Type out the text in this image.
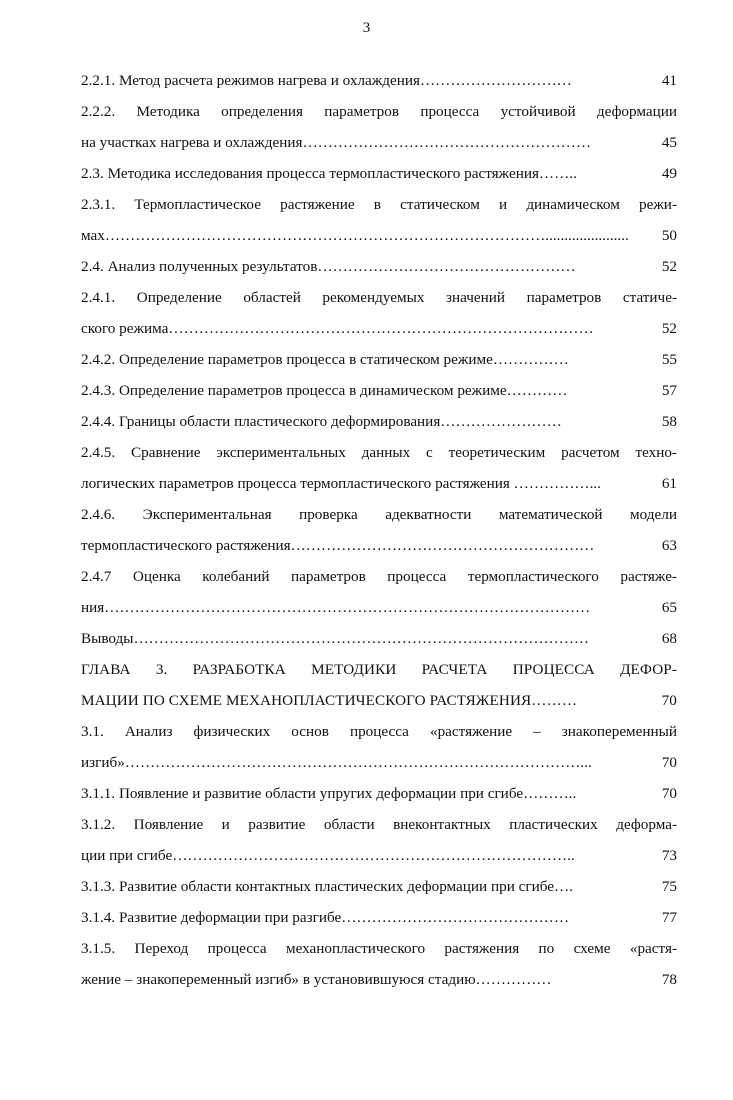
3
2.2.1. Метод расчета режимов нагрева и охлаждения…………………………	41
2.2.2. Методика определения параметров процесса устойчивой деформации
на участках нагрева и охлаждения…………………………………………………	45
2.3. Методика исследования процесса термопластического растяжения……..	49
2.3.1. Термопластическое растяжение в статическом и динамическом режи-
мах……………………………………………………………………………...................... 50
2.4. Анализ полученных результатов……………………………………………	52
2.4.1. Определение областей рекомендуемых значений параметров статиче-
ского режима…………………………………………………………………………	52
2.4.2. Определение параметров процесса в статическом режиме……………	55
2.4.3. Определение параметров процесса в динамическом режиме…………	57
2.4.4. Границы области пластического деформирования……………………	58
2.4.5. Сравнение экспериментальных данных с теоретическим расчетом техно-
логических параметров процесса термопластического растяжения ……………...	61
2.4.6. Экспериментальная проверка адекватности математической модели
термопластического растяжения……………………………………………………	63
2.4.7 Оценка колебаний параметров процесса термопластического растяже-
ния……………………………………………………………………………………	65
Выводы………………………………………………………………………………	68
ГЛАВА 3. РАЗРАБОТКА МЕТОДИКИ РАСЧЕТА ПРОЦЕССА ДЕФОР-
МАЦИИ ПО СХЕМЕ МЕХАНОПЛАСТИЧЕСКОГО РАСТЯЖЕНИЯ………	70
3.1. Анализ физических основ процесса «растяжение – знакопеременный
изгиб»………………………………………………………………………………...	70
3.1.1. Появление и развитие области упругих деформации при сгибе………..	70
3.1.2. Появление и развитие области внеконтактных пластических деформа-
ции при сгибе……………………………………………………………………..	73
3.1.3. Развитие области контактных пластических деформации при сгибе….	75
3.1.4. Развитие деформации при разгибе………………………………………	77
3.1.5. Переход процесса механопластического растяжения по схеме «растя-
жение – знакопеременный изгиб» в установившуюся стадию……………	78
